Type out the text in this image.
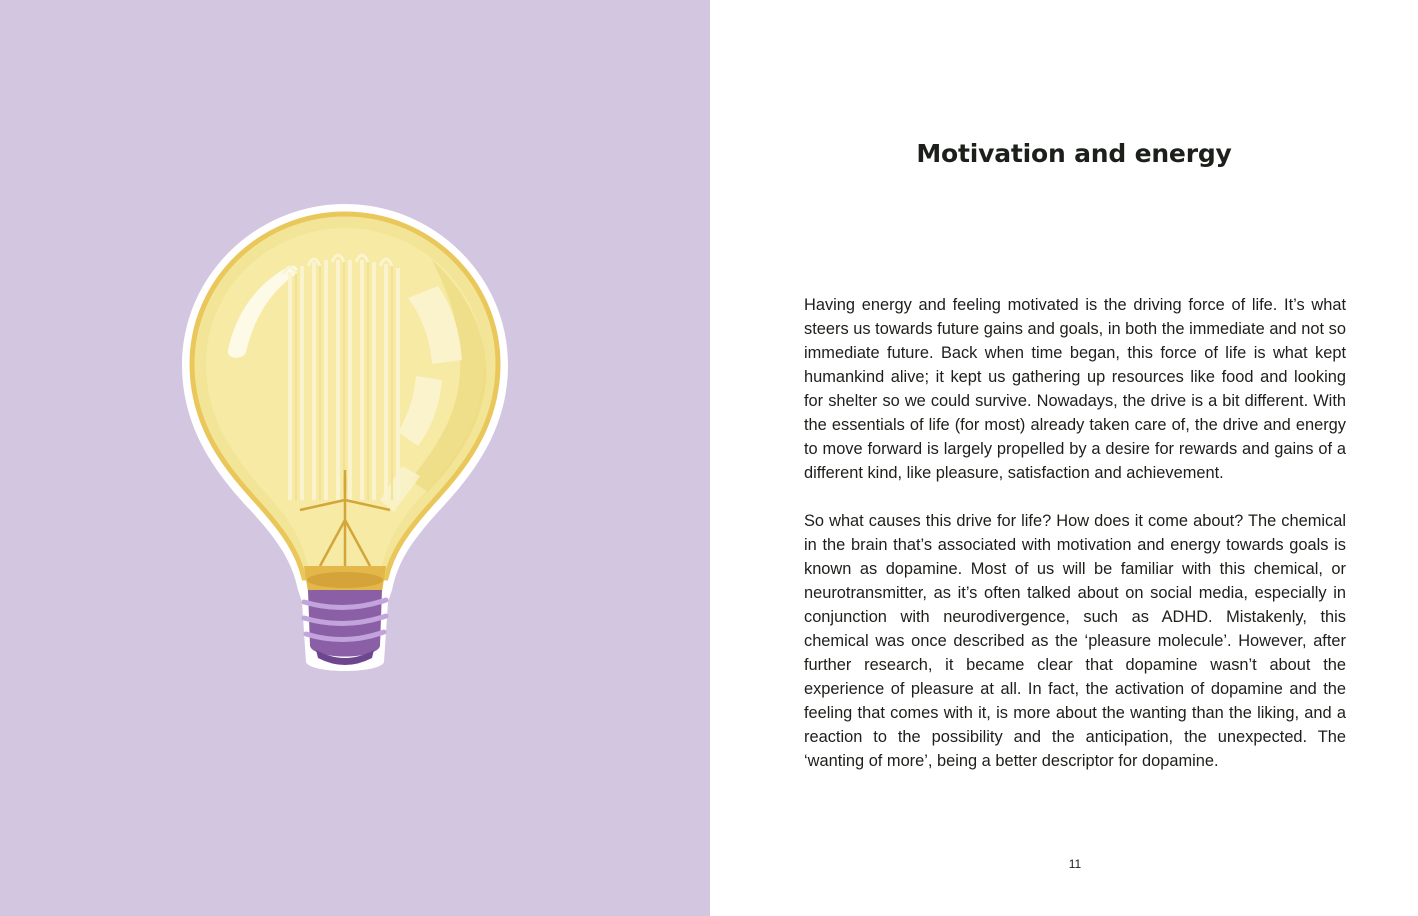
Motivation and energy

Having energy and feeling motivated is the driving force of life. It’s what steers us towards future gains and goals, in both the immediate and not so immediate future. Back when time began, this force of life is what kept humankind alive; it kept us gathering up resources like food and looking for shelter so we could survive. Nowadays, the drive is a bit different. With the essentials of life (for most) already taken care of, the drive and energy to move forward is largely propelled by a desire for rewards and gains of a different kind, like pleasure, satisfaction and achievement.

So what causes this drive for life? How does it come about? The chemical in the brain that’s associated with motivation and energy towards goals is known as dopamine. Most of us will be familiar with this chemical, or neurotransmitter, as it’s often talked about on social media, especially in conjunction with neurodivergence, such as ADHD. Mistakenly, this chemical was once described as the ‘pleasure molecule’. However, after further research, it became clear that dopamine wasn’t about the experience of pleasure at all. In fact, the activation of dopamine and the feeling that comes with it, is more about the wanting than the liking, and a reaction to the possibility and the anticipation, the unexpected. The ‘wanting of more’, being a better descriptor for dopamine.

11
